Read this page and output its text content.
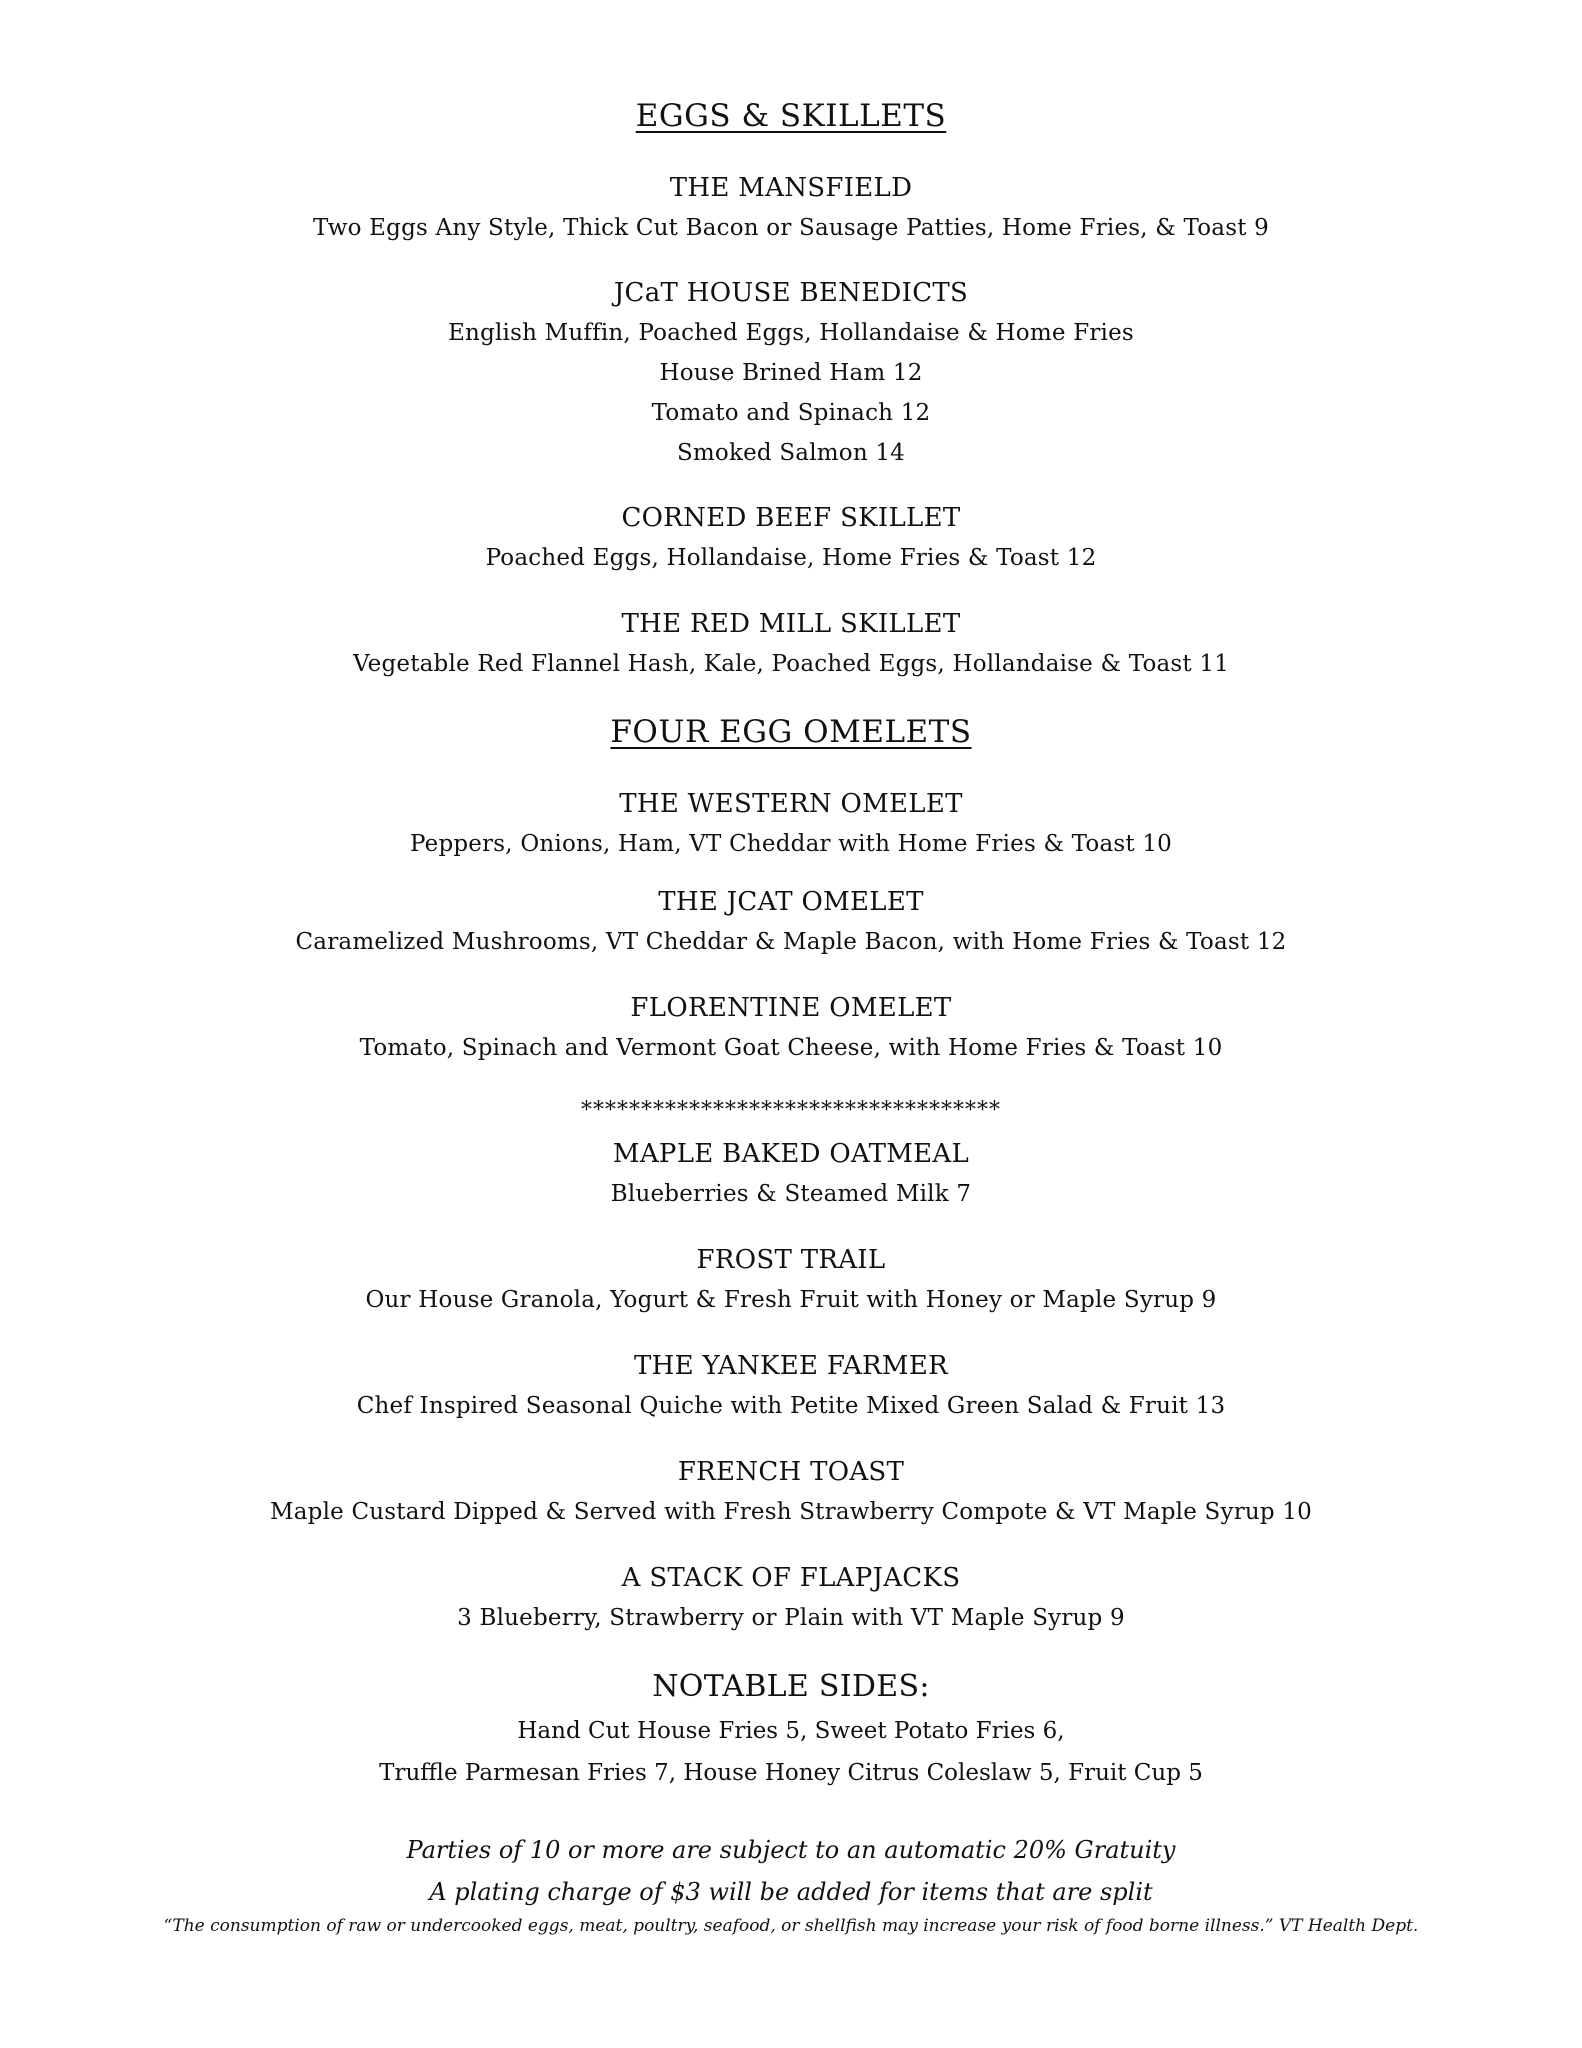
EGGS & SKILLETS
THE MANSFIELD
Two Eggs Any Style, Thick Cut Bacon or Sausage Patties, Home Fries, & Toast 9
JCaT HOUSE BENEDICTS
English Muffin, Poached Eggs, Hollandaise & Home Fries
House Brined Ham 12
Tomato and Spinach 12
Smoked Salmon 14
CORNED BEEF SKILLET
Poached Eggs, Hollandaise, Home Fries & Toast 12
THE RED MILL SKILLET
Vegetable Red Flannel Hash, Kale, Poached Eggs, Hollandaise & Toast 11
FOUR EGG OMELETS
THE WESTERN OMELET
Peppers, Onions, Ham, VT Cheddar with Home Fries & Toast 10
THE JCAT OMELET
Caramelized Mushrooms, VT Cheddar & Maple Bacon, with Home Fries & Toast 12
FLORENTINE OMELET
Tomato, Spinach and Vermont Goat Cheese, with Home Fries & Toast 10
***********************************
MAPLE BAKED OATMEAL
Blueberries & Steamed Milk 7
FROST TRAIL
Our House Granola, Yogurt & Fresh Fruit with Honey or Maple Syrup 9
THE YANKEE FARMER
Chef Inspired Seasonal Quiche with Petite Mixed Green Salad & Fruit 13
FRENCH TOAST
Maple Custard Dipped & Served with Fresh Strawberry Compote & VT Maple Syrup 10
A STACK OF FLAPJACKS
3 Blueberry, Strawberry or Plain with VT Maple Syrup 9
NOTABLE SIDES:
Hand Cut House Fries 5, Sweet Potato Fries 6,
Truffle Parmesan Fries 7, House Honey Citrus Coleslaw 5, Fruit Cup 5
Parties of 10 or more are subject to an automatic 20% Gratuity
A plating charge of $3 will be added for items that are split
“The consumption of raw or undercooked eggs, meat, poultry, seafood, or shellfish may increase your risk of food borne illness.” VT Health Dept.
